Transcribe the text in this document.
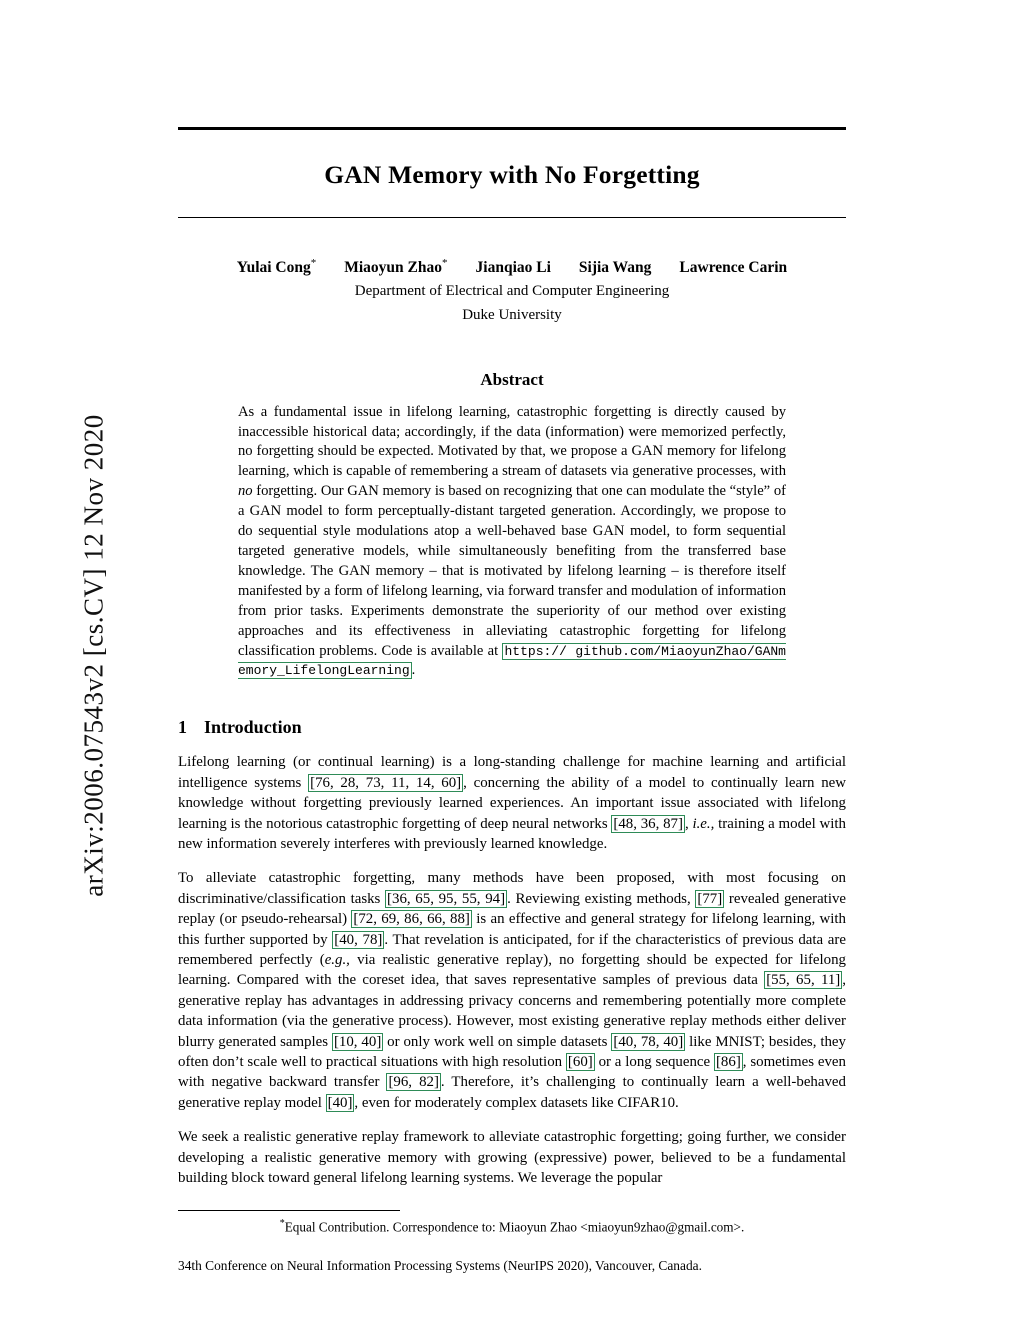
arXiv:2006.07543v2 [cs.CV] 12 Nov 2020
GAN Memory with No Forgetting
Yulai Cong* Miaoyun Zhao* Jianqiao Li Sijia Wang Lawrence Carin
Department of Electrical and Computer Engineering
Duke University
Abstract
As a fundamental issue in lifelong learning, catastrophic forgetting is directly caused by inaccessible historical data; accordingly, if the data (information) were memorized perfectly, no forgetting should be expected. Motivated by that, we propose a GAN memory for lifelong learning, which is capable of remembering a stream of datasets via generative processes, with no forgetting. Our GAN memory is based on recognizing that one can modulate the “style” of a GAN model to form perceptually-distant targeted generation. Accordingly, we propose to do sequential style modulations atop a well-behaved base GAN model, to form sequential targeted generative models, while simultaneously benefiting from the transferred base knowledge. The GAN memory – that is motivated by lifelong learning – is therefore itself manifested by a form of lifelong learning, via forward transfer and modulation of information from prior tasks. Experiments demonstrate the superiority of our method over existing approaches and its effectiveness in alleviating catastrophic forgetting for lifelong classification problems. Code is available at https:// github.com/MiaoyunZhao/GANmemory_LifelongLearning .
1 Introduction

Lifelong learning (or continual learning) is a long-standing challenge for machine learning and artificial intelligence systems [76, 28, 73, 11, 14, 60] , concerning the ability of a model to continually learn new knowledge without forgetting previously learned experiences. An important issue associated with lifelong learning is the notorious catastrophic forgetting of deep neural networks [48, 36, 87] , i.e., training a model with new information severely interferes with previously learned knowledge.

To alleviate catastrophic forgetting, many methods have been proposed, with most focusing on discriminative/classification tasks [36, 65, 95, 55, 94] . Reviewing existing methods, [77] revealed generative replay (or pseudo-rehearsal) [72, 69, 86, 66, 88] is an effective and general strategy for lifelong learning, with this further supported by [40, 78] . That revelation is anticipated, for if the characteristics of previous data are remembered perfectly (e.g., via realistic generative replay), no forgetting should be expected for lifelong learning. Compared with the coreset idea, that saves representative samples of previous data [55, 65, 11] , generative replay has advantages in addressing privacy concerns and remembering potentially more complete data information (via the generative process). However, most existing generative replay methods either deliver blurry generated samples [10, 40] or only work well on simple datasets [40, 78, 40] like MNIST; besides, they often don’t scale well to practical situations with high resolution [60] or a long sequence [86] , sometimes even with negative backward transfer [96, 82] . Therefore, it’s challenging to continually learn a well-behaved generative replay model [40] , even for moderately complex datasets like CIFAR10.

We seek a realistic generative replay framework to alleviate catastrophic forgetting; going further, we consider developing a realistic generative memory with growing (expressive) power, believed to be a fundamental building block toward general lifelong learning systems. We leverage the popular

*Equal Contribution. Correspondence to: Miaoyun Zhao <miaoyun9zhao@gmail.com>.
34th Conference on Neural Information Processing Systems (NeurIPS 2020), Vancouver, Canada.
